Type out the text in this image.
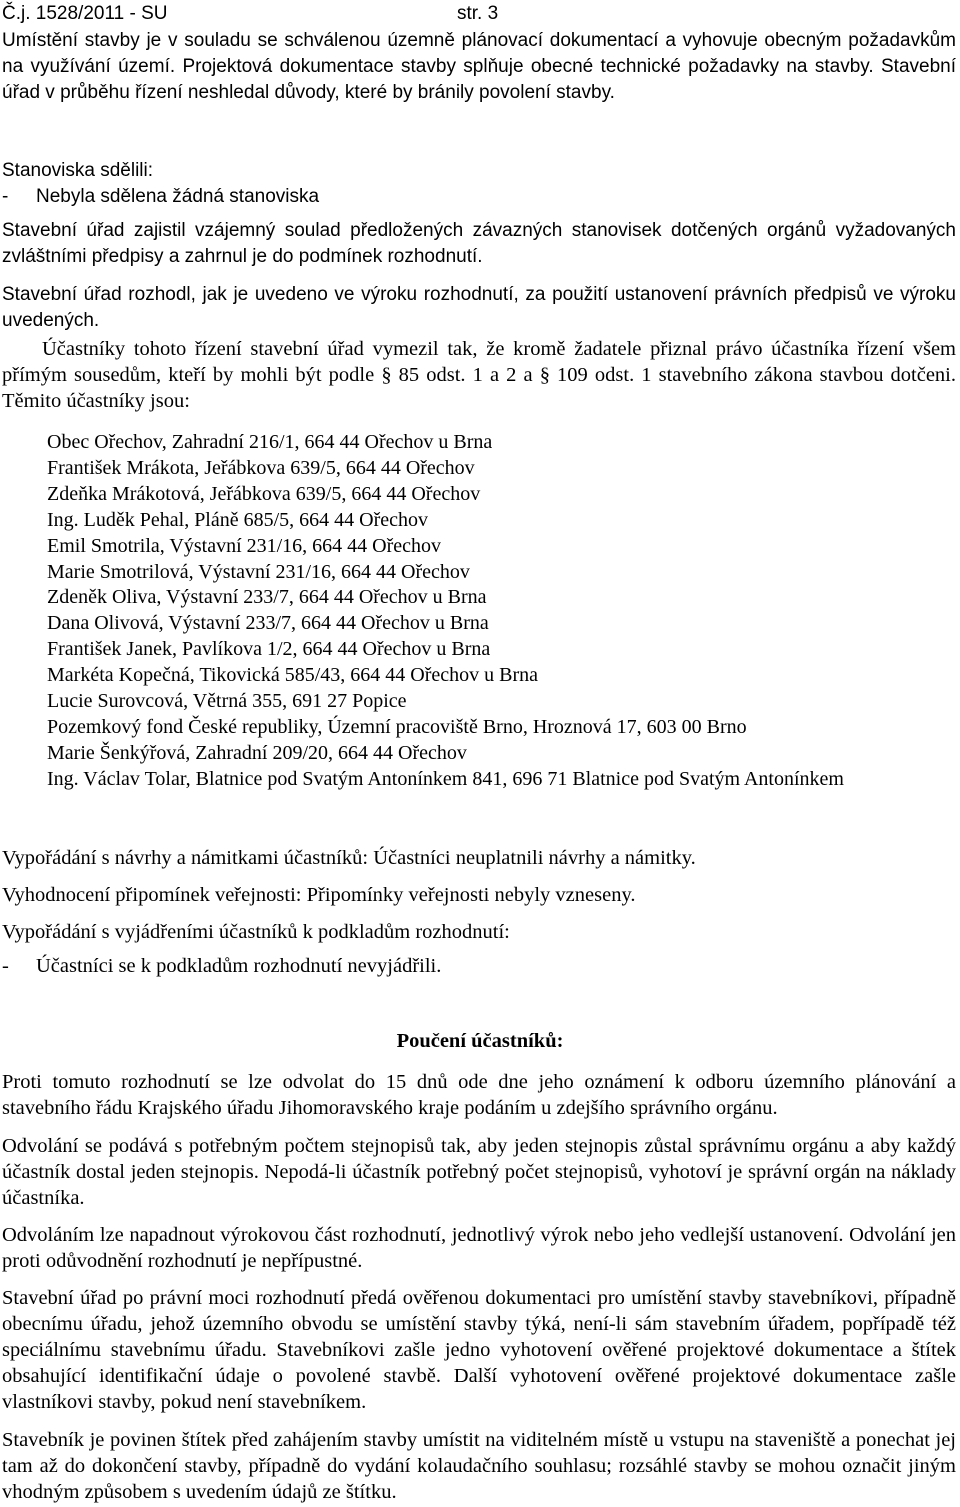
Č.j. 1528/2011 - SU	str. 3

Umístění stavby je v souladu se schválenou územně plánovací dokumentací a vyhovuje obecným požadavkům na využívání území. Projektová dokumentace stavby splňuje obecné technické požadavky na stavby. Stavební úřad v průběhu řízení neshledal důvody, které by bránily povolení stavby.

Stanoviska sdělili:
- Nebyla sdělena žádná stanoviska

Stavební úřad zajistil vzájemný soulad předložených závazných stanovisek dotčených orgánů vyžadovaných zvláštními předpisy a zahrnul je do podmínek rozhodnutí.

Stavební úřad rozhodl, jak je uvedeno ve výroku rozhodnutí, za použití ustanovení právních předpisů ve výroku uvedených.

Účastníky tohoto řízení stavební úřad vymezil tak, že kromě žadatele přiznal právo účastníka řízení všem přímým sousedům, kteří by mohli být podle § 85 odst. 1 a 2 a § 109 odst. 1 stavebního zákona stavbou dotčeni. Těmito účastníky jsou:

Obec Ořechov, Zahradní 216/1, 664 44 Ořechov u Brna
František Mrákota, Jeřábkova 639/5, 664 44 Ořechov
Zdeňka Mrákotová, Jeřábkova 639/5, 664 44 Ořechov
Ing. Luděk Pehal, Pláně 685/5, 664 44 Ořechov
Emil Smotrila, Výstavní 231/16, 664 44 Ořechov
Marie Smotrilová, Výstavní 231/16, 664 44 Ořechov
Zdeněk Oliva, Výstavní 233/7, 664 44 Ořechov u Brna
Dana Olivová, Výstavní 233/7, 664 44 Ořechov u Brna
František Janek, Pavlíkova 1/2, 664 44 Ořechov u Brna
Markéta Kopečná, Tikovická 585/43, 664 44 Ořechov u Brna
Lucie Surovcová, Větrná 355, 691 27 Popice
Pozemkový fond České republiky, Územní pracoviště Brno, Hroznová 17, 603 00 Brno
Marie Šenkýřová, Zahradní 209/20, 664 44 Ořechov
Ing. Václav Tolar, Blatnice pod Svatým Antonínkem 841, 696 71 Blatnice pod Svatým Antonínkem
Vypořádání s návrhy a námitkami účastníků: Účastníci neuplatnili návrhy a námitky.
Vyhodnocení připomínek veřejnosti: Připomínky veřejnosti nebyly vzneseny.
Vypořádání s vyjádřeními účastníků k podkladům rozhodnutí:
- Účastníci se k podkladům rozhodnutí nevyjádřili.
Poučení účastníků:

Proti tomuto rozhodnutí se lze odvolat do 15 dnů ode dne jeho oznámení k odboru územního plánování a stavebního řádu Krajského úřadu Jihomoravského kraje podáním u zdejšího správního orgánu.

Odvolání se podává s potřebným počtem stejnopisů tak, aby jeden stejnopis zůstal správnímu orgánu a aby každý účastník dostal jeden stejnopis. Nepodá-li účastník potřebný počet stejnopisů, vyhotoví je správní orgán na náklady účastníka.

Odvoláním lze napadnout výrokovou část rozhodnutí, jednotlivý výrok nebo jeho vedlejší ustanovení. Odvolání jen proti odůvodnění rozhodnutí je nepřípustné.

Stavební úřad po právní moci rozhodnutí předá ověřenou dokumentaci pro umístění stavby stavebníkovi, případně obecnímu úřadu, jehož územního obvodu se umístění stavby týká, není-li sám stavebním úřadem, popřípadě též speciálnímu stavebnímu úřadu. Stavebníkovi zašle jedno vyhotovení ověřené projektové dokumentace a štítek obsahující identifikační údaje o povolené stavbě. Další vyhotovení ověřené projektové dokumentace zašle vlastníkovi stavby, pokud není stavebníkem.

Stavebník je povinen štítek před zahájením stavby umístit na viditelném místě u vstupu na staveniště a ponechat jej tam až do dokončení stavby, případně do vydání kolaudačního souhlasu; rozsáhlé stavby se mohou označit jiným vhodným způsobem s uvedením údajů ze štítku.
